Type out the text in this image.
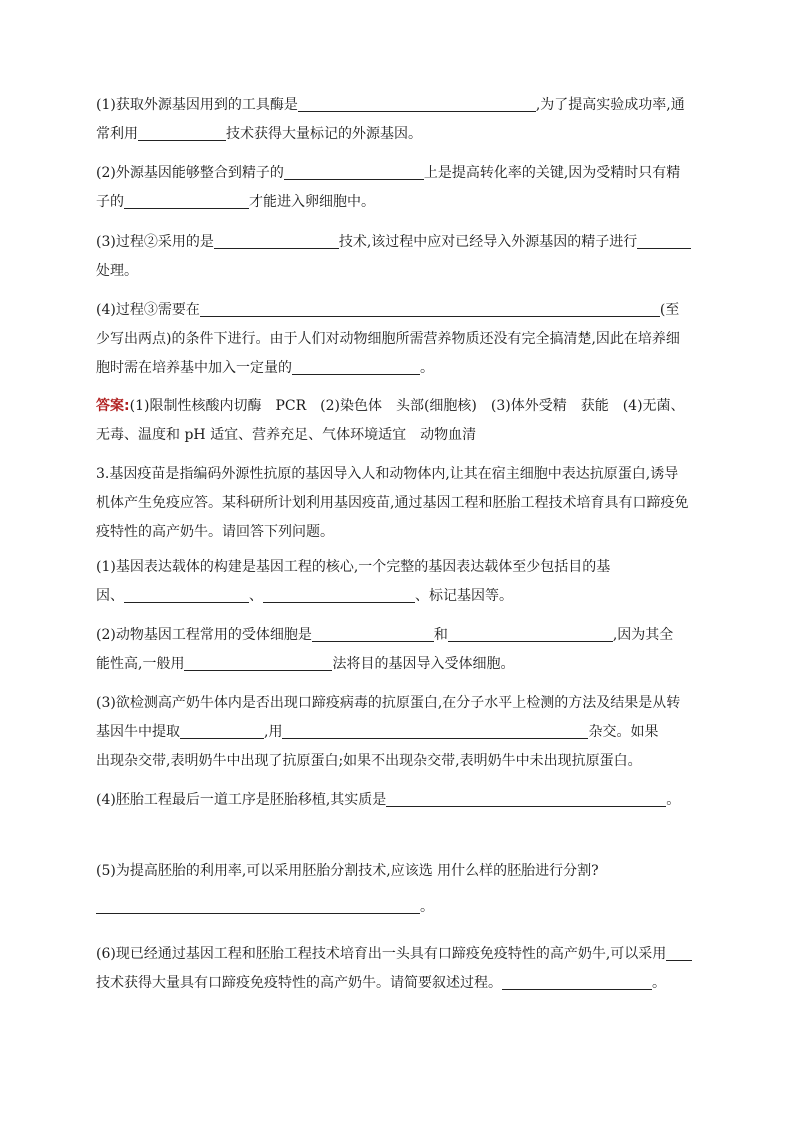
(1)获取外源基因用到的工具酶是	,为了提高实验成功率,通
常利用	技术获得大量标记的外源基因。
(2)外源基因能够整合到精子的	上是提高转化率的关键,因为受精时只有精
子的	才能进入卵细胞中。
(3)过程②采用的是	技术,该过程中应对已经导入外源基因的精子进行
处理。
(4)过程③需要在	(至
少写出两点)的条件下进行。由于人们对动物细胞所需营养物质还没有完全搞清楚,因此在培养细
胞时需在培养基中加入一定量的	。
答案:(1)限制性核酸内切酶　PCR　(2)染色体　头部(细胞核)　(3)体外受精　获能　(4)无菌、
无毒、温度和 pH 适宜、营养充足、气体环境适宜　动物血清
3.基因疫苗是指编码外源性抗原的基因导入人和动物体内,让其在宿主细胞中表达抗原蛋白,诱导
机体产生免疫应答。某科研所计划利用基因疫苗,通过基因工程和胚胎工程技术培育具有口蹄疫免
疫特性的高产奶牛。请回答下列问题。
(1)基因表达载体的构建是基因工程的核心,一个完整的基因表达载体至少包括目的基
因、	、	、标记基因等。
(2)动物基因工程常用的受体细胞是	和	,因为其全
能性高,一般用	法将目的基因导入受体细胞。
(3)欲检测高产奶牛体内是否出现口蹄疫病毒的抗原蛋白,在分子水平上检测的方法及结果是从转
基因牛中提取	,用	杂交。如果
出现杂交带,表明奶牛中出现了抗原蛋白;如果不出现杂交带,表明奶牛中未出现抗原蛋白。
(4)胚胎工程最后一道工序是胚胎移植,其实质是	。
(5)为提高胚胎的利用率,可以采用胚胎分割技术,应该选 用什么样的胚胎进行分割?
。
(6)现已经通过基因工程和胚胎工程技术培育出一头具有口蹄疫免疫特性的高产奶牛,可以采用
技术获得大量具有口蹄疫免疫特性的高产奶牛。请简要叙述过程。	。
